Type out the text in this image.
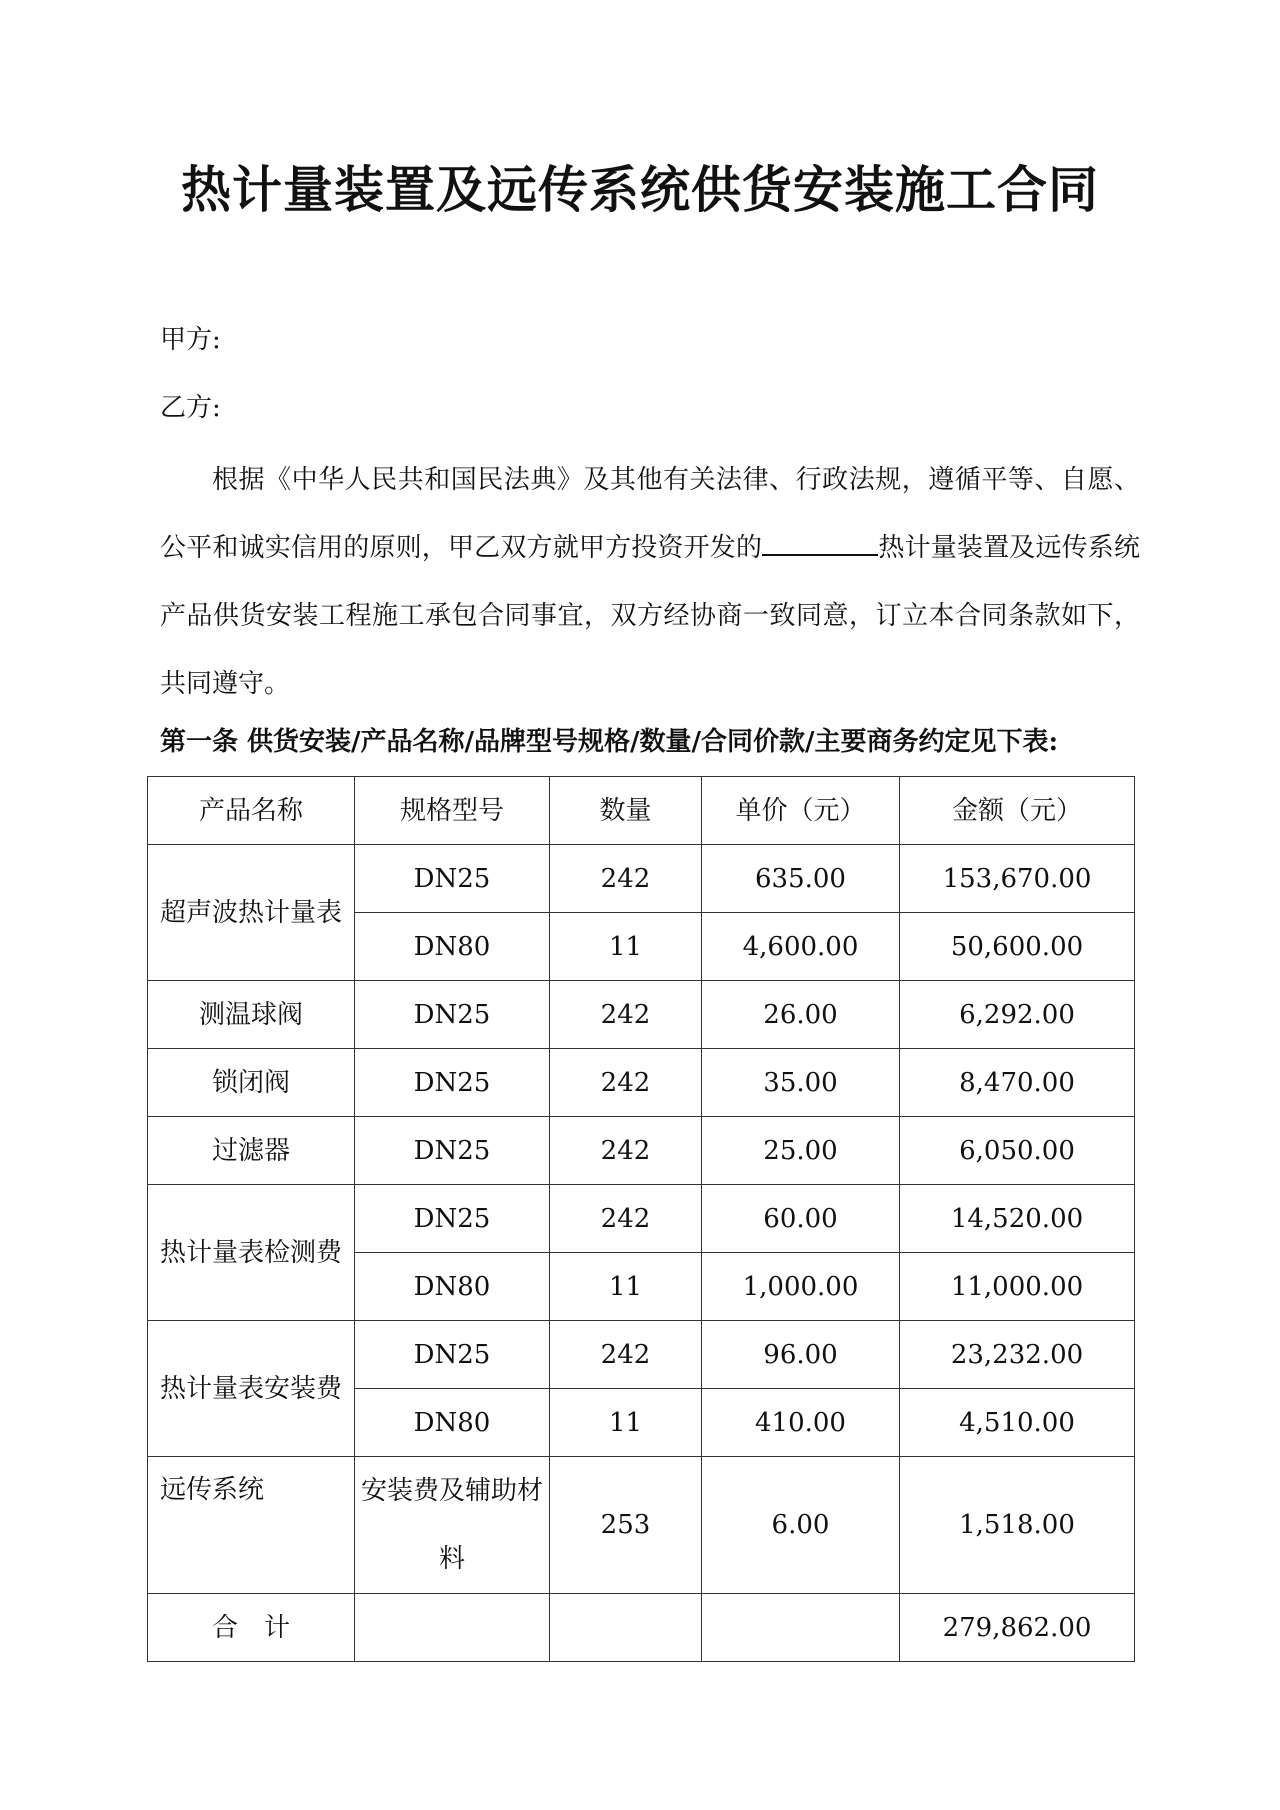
热计量装置及远传系统供货安装施工合同
甲方:
乙方:
根据《中华人民共和国民法典》及其他有关法律、行政法规，遵循平等、自愿、公平和诚实信用的原则，甲乙双方就甲方投资开发的	热计量装置及远传系统产品供货安装工程施工承包合同事宜，双方经协商一致同意，订立本合同条款如下，共同遵守。
第一条 供货安装/产品名称/品牌型号规格/数量/合同价款/主要商务约定见下表:
产品名称	规格型号	数量	单价（元）	金额（元）
超声波热计量表	DN25	242	635.00	153,670.00
	DN80	11	4,600.00	50,600.00
测温球阀	DN25	242	26.00	6,292.00
锁闭阀	DN25	242	35.00	8,470.00
过滤器	DN25	242	25.00	6,050.00
热计量表检测费	DN25	242	60.00	14,520.00
	DN80	11	1,000.00	11,000.00
热计量表安装费	DN25	242	96.00	23,232.00
	DN80	11	410.00	4,510.00
远传系统	安装费及辅助材料	253	6.00	1,518.00
合计				279,862.00
